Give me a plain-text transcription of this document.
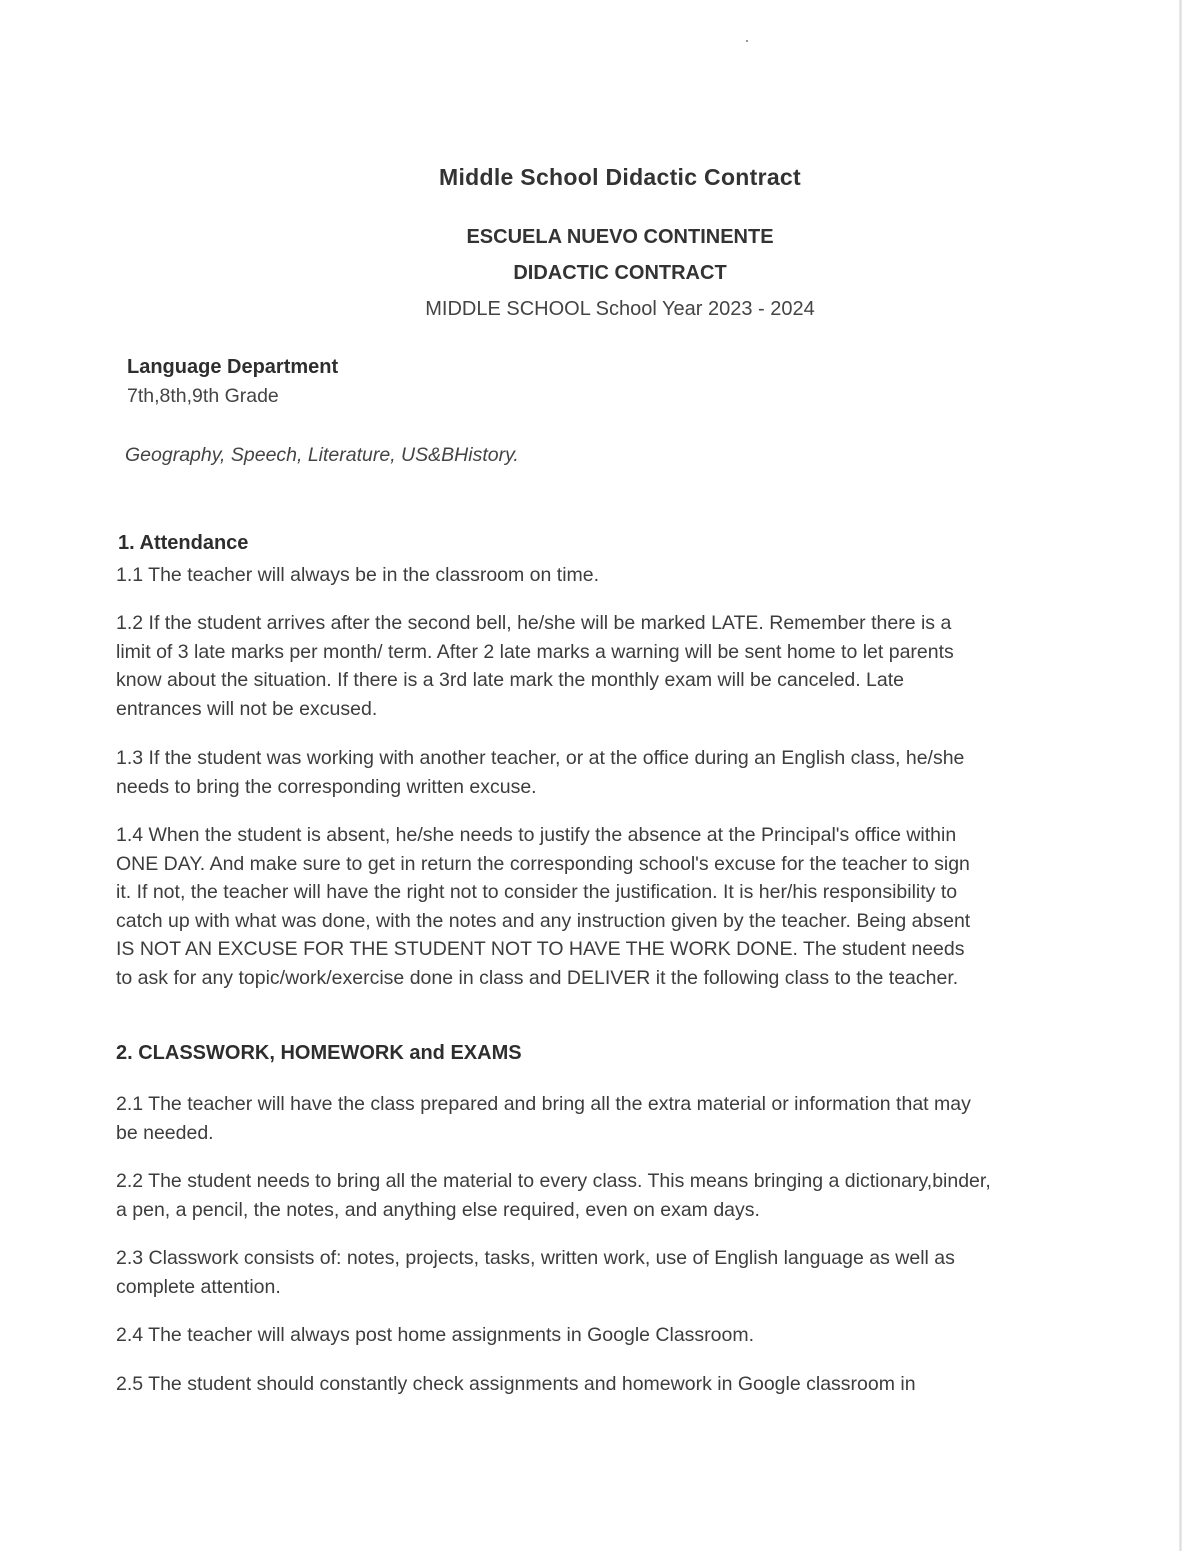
Middle School Didactic Contract
ESCUELA NUEVO CONTINENTE
DIDACTIC CONTRACT
MIDDLE SCHOOL School Year 2023 - 2024
Language Department
7th,8th,9th Grade
Geography, Speech, Literature, US&BHistory.
1. Attendance
1.1 The teacher will always be in the classroom on time.
1.2 If the student arrives after the second bell, he/she will be marked LATE. Remember there is a limit of 3 late marks per month/ term. After 2 late marks a warning will be sent home to let parents know about the situation. If there is a 3rd late mark the monthly exam will be canceled. Late entrances will not be excused.
1.3 If the student was working with another teacher, or at the office during an English class, he/she needs to bring the corresponding written excuse.
1.4 When the student is absent, he/she needs to justify the absence at the Principal's office within ONE DAY. And make sure to get in return the corresponding school's excuse for the teacher to sign it. If not, the teacher will have the right not to consider the justification. It is her/his responsibility to catch up with what was done, with the notes and any instruction given by the teacher. Being absent IS NOT AN EXCUSE FOR THE STUDENT NOT TO HAVE THE WORK DONE. The student needs to ask for any topic/work/exercise done in class and DELIVER it the following class to the teacher.
2. CLASSWORK, HOMEWORK and EXAMS
2.1 The teacher will have the class prepared and bring all the extra material or information that may be needed.
2.2 The student needs to bring all the material to every class. This means bringing a dictionary,binder, a pen, a pencil, the notes, and anything else required, even on exam days.
2.3 Classwork consists of: notes, projects, tasks, written work, use of English language as well as complete attention.
2.4 The teacher will always post home assignments in Google Classroom.
2.5 The student should constantly check assignments and homework in Google classroom in
